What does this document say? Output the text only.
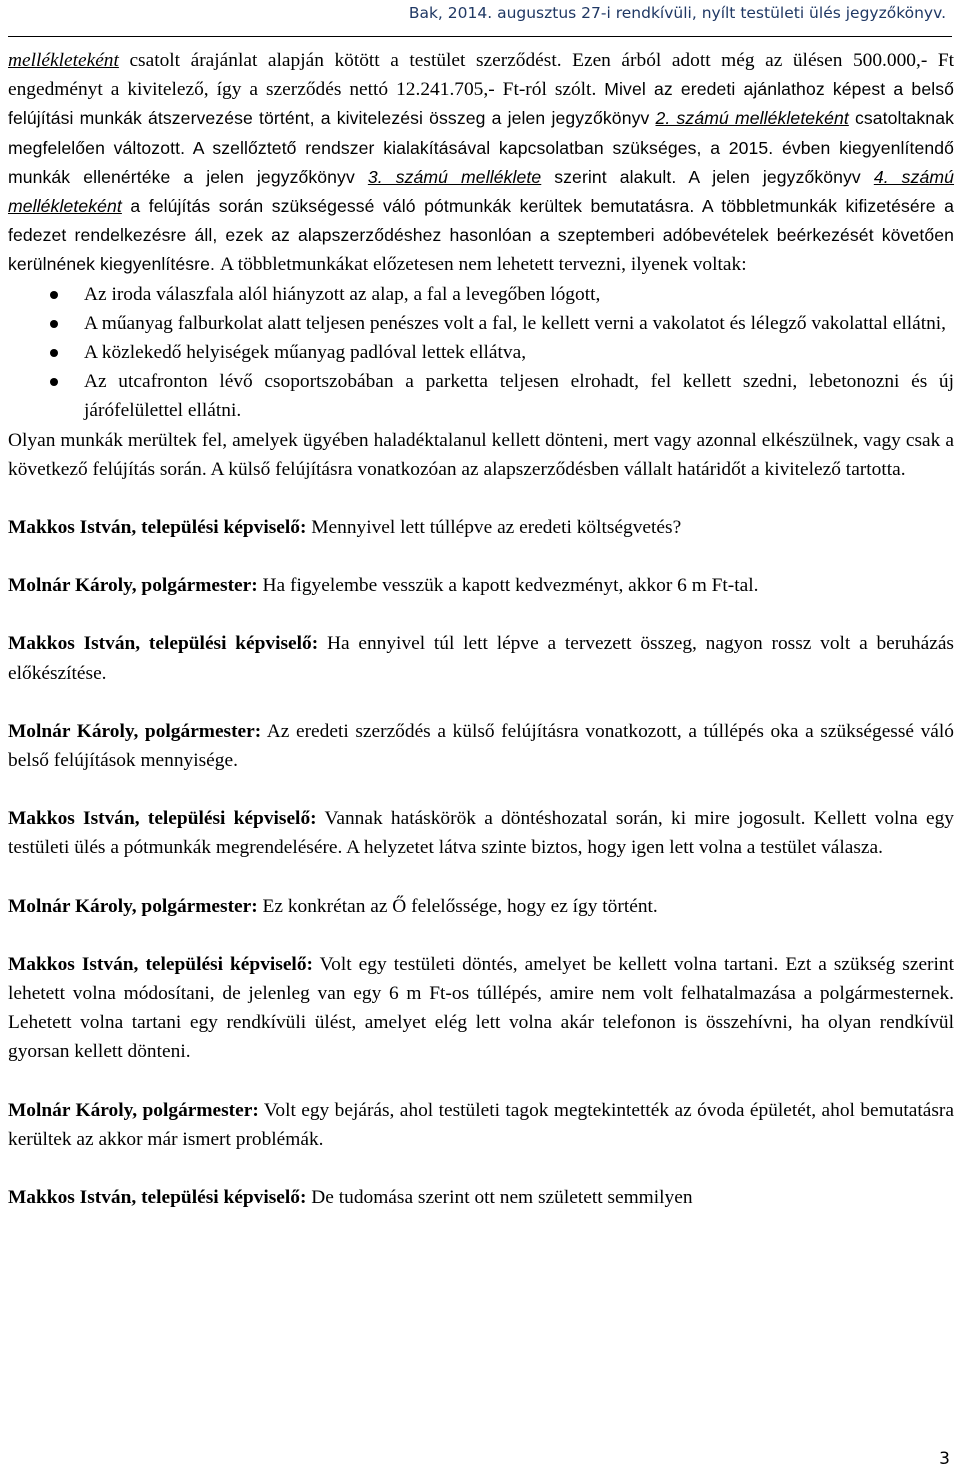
Bak, 2014. augusztus 27-i rendkívüli, nyílt testületi ülés jegyzőkönyv.

mellékleteként csatolt árajánlat alapján kötött a testület szerződést. Ezen árból adott még az ülésen 500.000,- Ft engedményt a kivitelező, így a szerződés nettó 12.241.705,- Ft-ról szólt. Mivel az eredeti ajánlathoz képest a belső felújítási munkák átszervezése történt, a kivitelezési összeg a jelen jegyzőkönyv 2. számú mellékleteként csatoltaknak megfelelően változott. A szellőztető rendszer kialakításával kapcsolatban szükséges, a 2015. évben kiegyenlítendő munkák ellenértéke a jelen jegyzőkönyv 3. számú melléklete szerint alakult. A jelen jegyzőkönyv 4. számú mellékleteként a felújítás során szükségessé váló pótmunkák kerültek bemutatásra. A többletmunkák kifizetésére a fedezet rendelkezésre áll, ezek az alapszerződéshez hasonlóan a szeptemberi adóbevételek beérkezését követően kerülnének kiegyenlítésre. A többletmunkákat előzetesen nem lehetett tervezni, ilyenek voltak:

Az iroda válaszfala alól hiányzott az alap, a fal a levegőben lógott,
A műanyag falburkolat alatt teljesen penészes volt a fal, le kellett verni a vakolatot és lélegző vakolattal ellátni,
A közlekedő helyiségek műanyag padlóval lettek ellátva,
Az utcafronton lévő csoportszobában a parketta teljesen elrohadt, fel kellett szedni, lebetonozni és új járófelülettel ellátni.

Olyan munkák merültek fel, amelyek ügyében haladéktalanul kellett dönteni, mert vagy azonnal elkészülnek, vagy csak a következő felújítás során. A külső felújításra vonatkozóan az alapszerződésben vállalt határidőt a kivitelező tartotta.

Makkos István, települési képviselő: Mennyivel lett túllépve az eredeti költségvetés?

Molnár Károly, polgármester: Ha figyelembe vesszük a kapott kedvezményt, akkor 6 m Ft-tal.

Makkos István, települési képviselő: Ha ennyivel túl lett lépve a tervezett összeg, nagyon rossz volt a beruházás előkészítése.

Molnár Károly, polgármester: Az eredeti szerződés a külső felújításra vonatkozott, a túllépés oka a szükségessé váló belső felújítások mennyisége.

Makkos István, települési képviselő: Vannak hatáskörök a döntéshozatal során, ki mire jogosult. Kellett volna egy testületi ülés a pótmunkák megrendelésére. A helyzetet látva szinte biztos, hogy igen lett volna a testület válasza.

Molnár Károly, polgármester: Ez konkrétan az Ő felelőssége, hogy ez így történt.

Makkos István, települési képviselő: Volt egy testületi döntés, amelyet be kellett volna tartani. Ezt a szükség szerint lehetett volna módosítani, de jelenleg van egy 6 m Ft-os túllépés, amire nem volt felhatalmazása a polgármesternek. Lehetett volna tartani egy rendkívüli ülést, amelyet elég lett volna akár telefonon is összehívni, ha olyan rendkívül gyorsan kellett dönteni.

Molnár Károly, polgármester: Volt egy bejárás, ahol testületi tagok megtekintették az óvoda épületét, ahol bemutatásra kerültek az akkor már ismert problémák.

Makkos István, települési képviselő: De tudomása szerint ott nem született semmilyen

3
